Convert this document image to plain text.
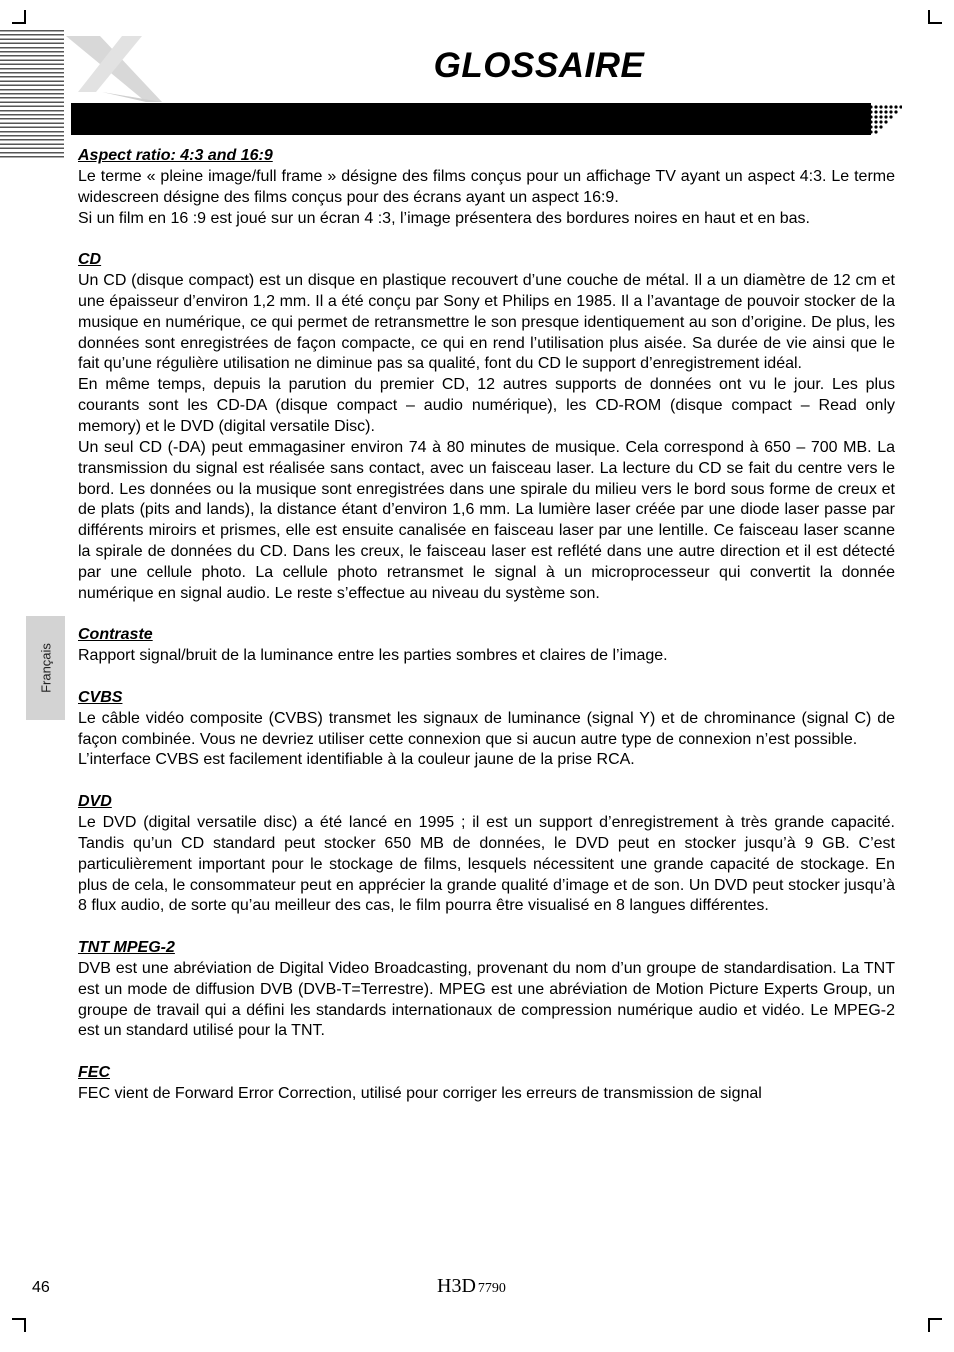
GLOSSAIRE
Français

Aspect ratio: 4:3 and 16:9

Le terme « pleine image/full frame » désigne des films conçus pour un affichage TV ayant un aspect 4:3. Le terme widescreen désigne des films conçus pour des écrans ayant un aspect 16:9.

Si un film en 16 :9 est joué sur un écran 4 :3, l’image présentera des bordures noires en haut et en bas.

CD

Un CD (disque compact) est un disque en plastique recouvert d’une couche de métal. Il a un diamètre de 12 cm et une épaisseur d’environ 1,2 mm. Il a été conçu par Sony et Philips en 1985. Il a l’avantage de pouvoir stocker de la musique en numérique, ce qui permet de retransmettre le son presque identiquement au son d’origine. De plus, les données sont enregistrées de façon compacte, ce qui en rend l’utilisation plus aisée. Sa durée de vie ainsi que le fait qu’une régulière utilisation ne diminue pas sa qualité, font du CD le support d’enregistrement idéal.

En même temps, depuis la parution du premier CD, 12 autres supports de données ont vu le jour. Les plus courants sont les CD-DA (disque compact – audio numérique), les CD-ROM (disque compact – Read only memory) et le DVD (digital versatile Disc).

Un seul CD (-DA) peut emmagasiner environ 74 à 80 minutes de musique. Cela correspond à 650 – 700 MB. La transmission du signal est réalisée sans contact, avec un faisceau laser. La lecture du CD se fait du centre vers le bord. Les données ou la musique sont enregistrées dans une spirale du milieu vers le bord sous forme de creux et de plats (pits and lands), la distance étant d’environ 1,6 mm. La lumière laser créée par une diode laser passe par différents miroirs et prismes, elle est ensuite canalisée en faisceau laser par une lentille. Ce faisceau laser scanne la spirale de données du CD. Dans les creux, le faisceau laser est reflété dans une autre direction et il est détecté par une cellule photo. La cellule photo retransmet le signal à un microprocesseur qui convertit la donnée numérique en signal audio. Le reste s’effectue au niveau du système son.

Contraste

Rapport signal/bruit de la luminance entre les parties sombres et claires de l’image.

CVBS

Le câble vidéo composite (CVBS) transmet les signaux de luminance (signal Y) et de chrominance (signal C) de façon combinée. Vous ne devriez utiliser cette connexion que si aucun autre type de connexion n’est possible.

L’interface CVBS est facilement identifiable à la couleur jaune de la prise RCA.

DVD

Le DVD (digital versatile disc) a été lancé en 1995 ; il est un support d’enregistrement à très grande capacité. Tandis qu’un CD standard peut stocker 650 MB de données, le DVD peut en stocker jusqu’à 9 GB. C’est particulièrement important pour le stockage de films, lesquels nécessitent une grande capacité de stockage. En plus de cela, le consommateur peut en apprécier la grande qualité d’image et de son. Un DVD peut stocker jusqu’à 8 flux audio, de sorte qu’au meilleur des cas, le film pourra être visualisé en 8 langues différentes.

TNT MPEG-2

DVB est une abréviation de Digital Video Broadcasting, provenant du nom d’un groupe de standardisation. La TNT est un mode de diffusion DVB (DVB-T=Terrestre). MPEG est une abréviation de Motion Picture Experts Group, un groupe de travail qui a défini les standards internationaux de compression numérique audio et vidéo. Le MPEG-2 est un standard utilisé pour la TNT.

FEC

FEC vient de Forward Error Correction, utilisé pour corriger les erreurs de transmission de signal

46	H3D 7790
